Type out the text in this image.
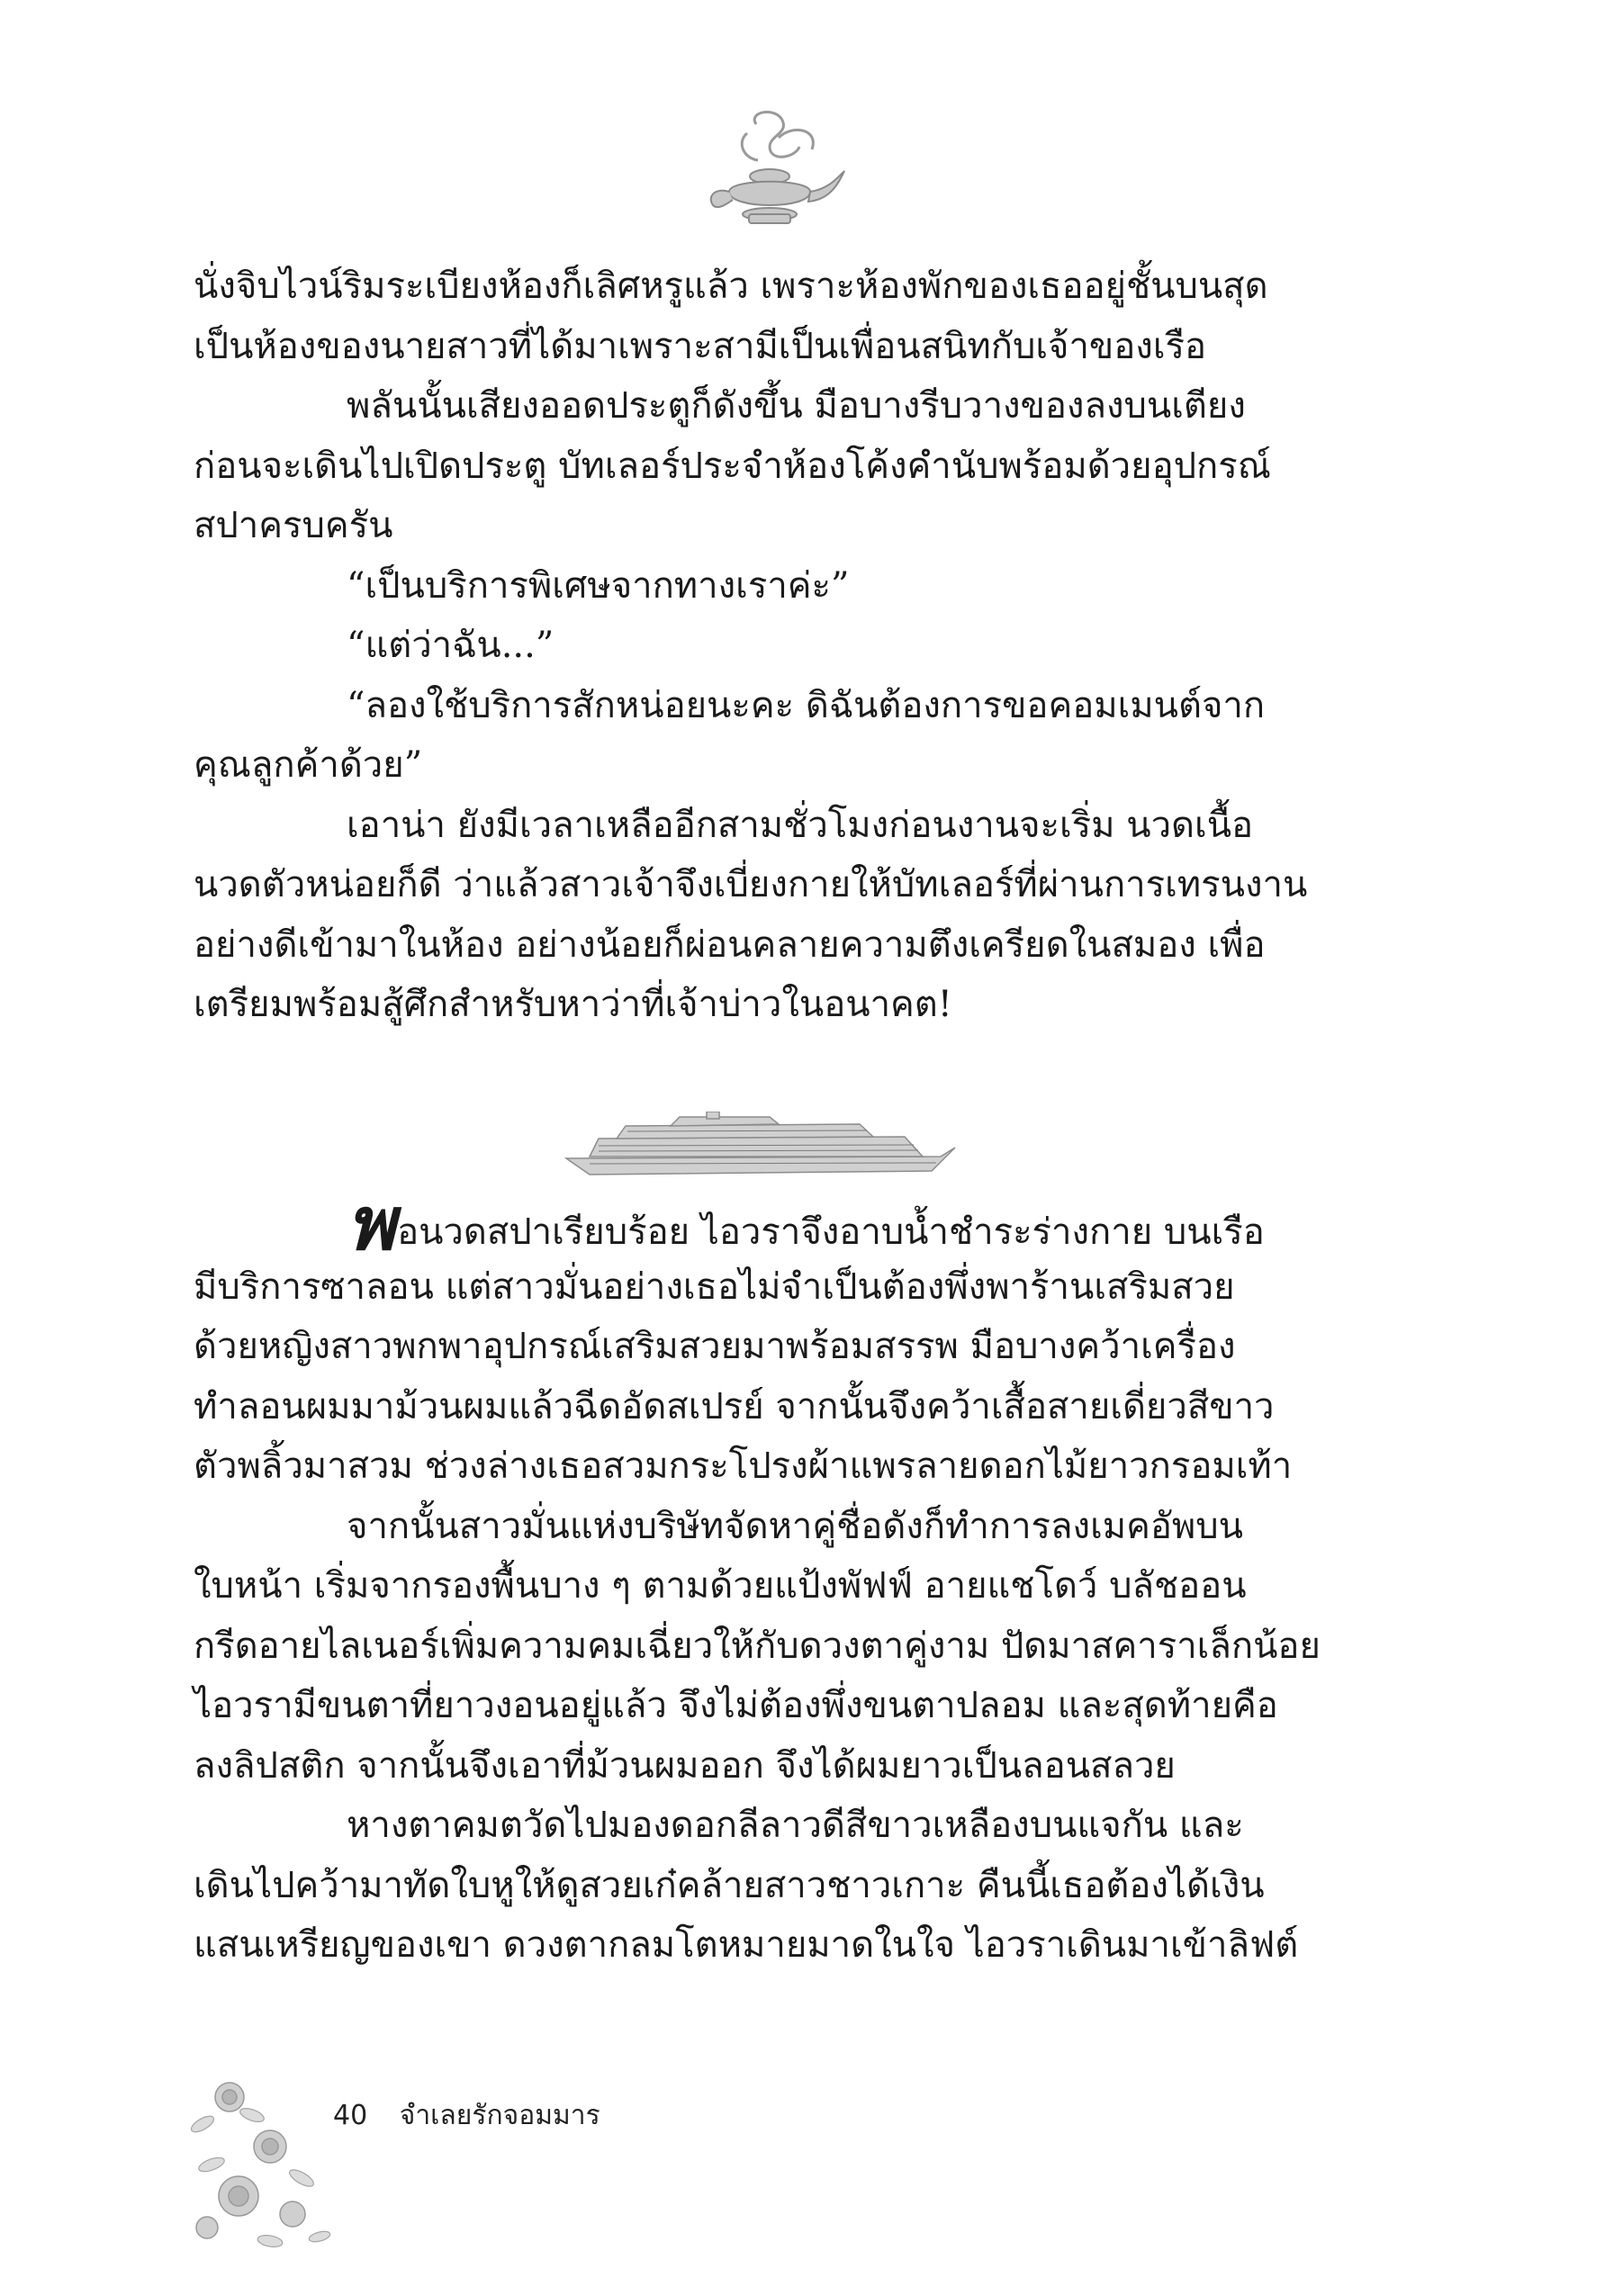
นั่งจิบไวน์ริมระเบียงห้องก็เลิศหรูแล้ว เพราะห้องพักของเธออยู่ชั้นบนสุด
เป็นห้องของนายสาวที่ได้มาเพราะสามีเป็นเพื่อนสนิทกับเจ้าของเรือ
พลันนั้นเสียงออดประตูก็ดังขึ้น มือบางรีบวางของลงบนเตียง
ก่อนจะเดินไปเปิดประตู บัทเลอร์ประจำห้องโค้งคำนับพร้อมด้วยอุปกรณ์
สปาครบครัน
“เป็นบริการพิเศษจากทางเราค่ะ”
“แต่ว่าฉัน...”
“ลองใช้บริการสักหน่อยนะคะ ดิฉันต้องการขอคอมเมนต์จาก
คุณลูกค้าด้วย”
เอาน่า ยังมีเวลาเหลืออีกสามชั่วโมงก่อนงานจะเริ่ม นวดเนื้อ
นวดตัวหน่อยก็ดี ว่าแล้วสาวเจ้าจึงเบี่ยงกายให้บัทเลอร์ที่ผ่านการเทรนงาน
อย่างดีเข้ามาในห้อง อย่างน้อยก็ผ่อนคลายความตึงเครียดในสมอง เพื่อ
เตรียมพร้อมสู้ศึกสำหรับหาว่าที่เจ้าบ่าวในอนาคต!
พอนวดสปาเรียบร้อย ไอวราจึงอาบน้ำชำระร่างกาย บนเรือ
มีบริการซาลอน แต่สาวมั่นอย่างเธอไม่จำเป็นต้องพึ่งพาร้านเสริมสวย
ด้วยหญิงสาวพกพาอุปกรณ์เสริมสวยมาพร้อมสรรพ มือบางคว้าเครื่อง
ทำลอนผมมาม้วนผมแล้วฉีดอัดสเปรย์ จากนั้นจึงคว้าเสื้อสายเดี่ยวสีขาว
ตัวพลิ้วมาสวม ช่วงล่างเธอสวมกระโปรงผ้าแพรลายดอกไม้ยาวกรอมเท้า
จากนั้นสาวมั่นแห่งบริษัทจัดหาคู่ชื่อดังก็ทำการลงเมคอัพบน
ใบหน้า เริ่มจากรองพื้นบาง ๆ ตามด้วยแป้งพัฟฟ์ อายแชโดว์ บลัชออน
กรีดอายไลเนอร์เพิ่มความคมเฉี่ยวให้กับดวงตาคู่งาม ปัดมาสคาราเล็กน้อย
ไอวรามีขนตาที่ยาวงอนอยู่แล้ว จึงไม่ต้องพึ่งขนตาปลอม และสุดท้ายคือ
ลงลิปสติก จากนั้นจึงเอาที่ม้วนผมออก จึงได้ผมยาวเป็นลอนสลวย
หางตาคมตวัดไปมองดอกลีลาวดีสีขาวเหลืองบนแจกัน และ
เดินไปคว้ามาทัดใบหูให้ดูสวยเก๋คล้ายสาวชาวเกาะ คืนนี้เธอต้องได้เงิน
แสนเหรียญของเขา ดวงตากลมโตหมายมาดในใจ ไอวราเดินมาเข้าลิฟต์
40 จำเลยรักจอมมาร
